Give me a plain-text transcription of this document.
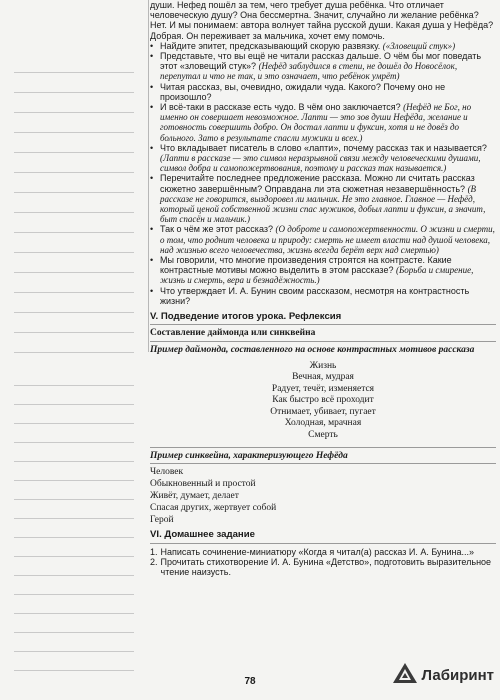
души. Нефед пошёл за тем, чего требует душа ребёнка. Что отличает человеческую душу? Она бессмертна. Значит, случайно ли желание ребёнка? Нет. И мы понимаем: автора волнует тайна русской души. Какая душа у Нефёда? Добрая. Он переживает за мальчика, хочет ему помочь.

• Найдите эпитет, предсказывающий скорую развязку. («Зловещий стук»)

• Представьте, что вы ещё не читали рассказ дальше. О чём бы мог поведать этот «зловещий стук»? (Нефёд заблудился в степи, не дошёл до Новосёлок, перепутал и что не так, и это означает, что ребёнок умрёт)

• Читая рассказ, вы, очевидно, ожидали чуда. Какого? Почему оно не произошло?

• И всё-таки в рассказе есть чудо. В чём оно заключается? (Нефёд не Бог, но именно он совершает невозможное. Лапти — это зов души Нефёда, желание и готовность совершить добро. Он достал лапти и фуксин, хотя и не довёз до больного. Зато в результате спасли мужики и всех.)

• Что вкладывает писатель в слово «лапти», почему рассказ так и называется? (Лапти в рассказе — это символ неразрывной связи между человеческими душами, символ добра и самопожертвования, поэтому и рассказ так называется.)

• Перечитайте последнее предложение рассказа. Можно ли считать рассказ сюжетно завершённым? Оправдана ли эта сюжетная незавершённость? (В рассказе не говорится, выздоровел ли мальчик. Не это главное. Главное — Нефёд, который ценой собственной жизни спас мужиков, добыл лапти и фуксин, а значит, быт спасён и мальчик.)

• Так о чём же этот рассказ? (О доброте и самопожертвенности. О жизни и смерти, о том, что роднит человека и природу: смерть не имеет власти над душой человека, над жизнью всего человечества, жизнь всегда берёт верх над смертью)

• Мы говорили, что многие произведения строятся на контрасте. Какие контрастные мотивы можно выделить в этом рассказе? (Борьба и смирение, жизнь и смерть, вера и безнадёжность.)

• Что утверждает И. А. Бунин своим рассказом, несмотря на контрастность жизни?

V. Подведение итогов урока. Рефлексия
Составление даймонда или синквейна
Пример даймонда, составленного на основе контрастных мотивов рассказа
Жизнь
Вечная, мудрая
Радует, течёт, изменяется
Как быстро всё проходит
Отнимает, убивает, пугает
Холодная, мрачная
Смерть
Пример синквейна, характеризующего Нефёда
Человек
Обыкновенный и простой
Живёт, думает, делает
Спасая других, жертвует собой
Герой
VI. Домашнее задание
1. Написать сочинение-миниатюру «Когда я читал(а) рассказ И. А. Бунина...»
2. Прочитать стихотворение И. А. Бунина «Детство», подготовить выразительное чтение наизусть.
78	Лабиринт
